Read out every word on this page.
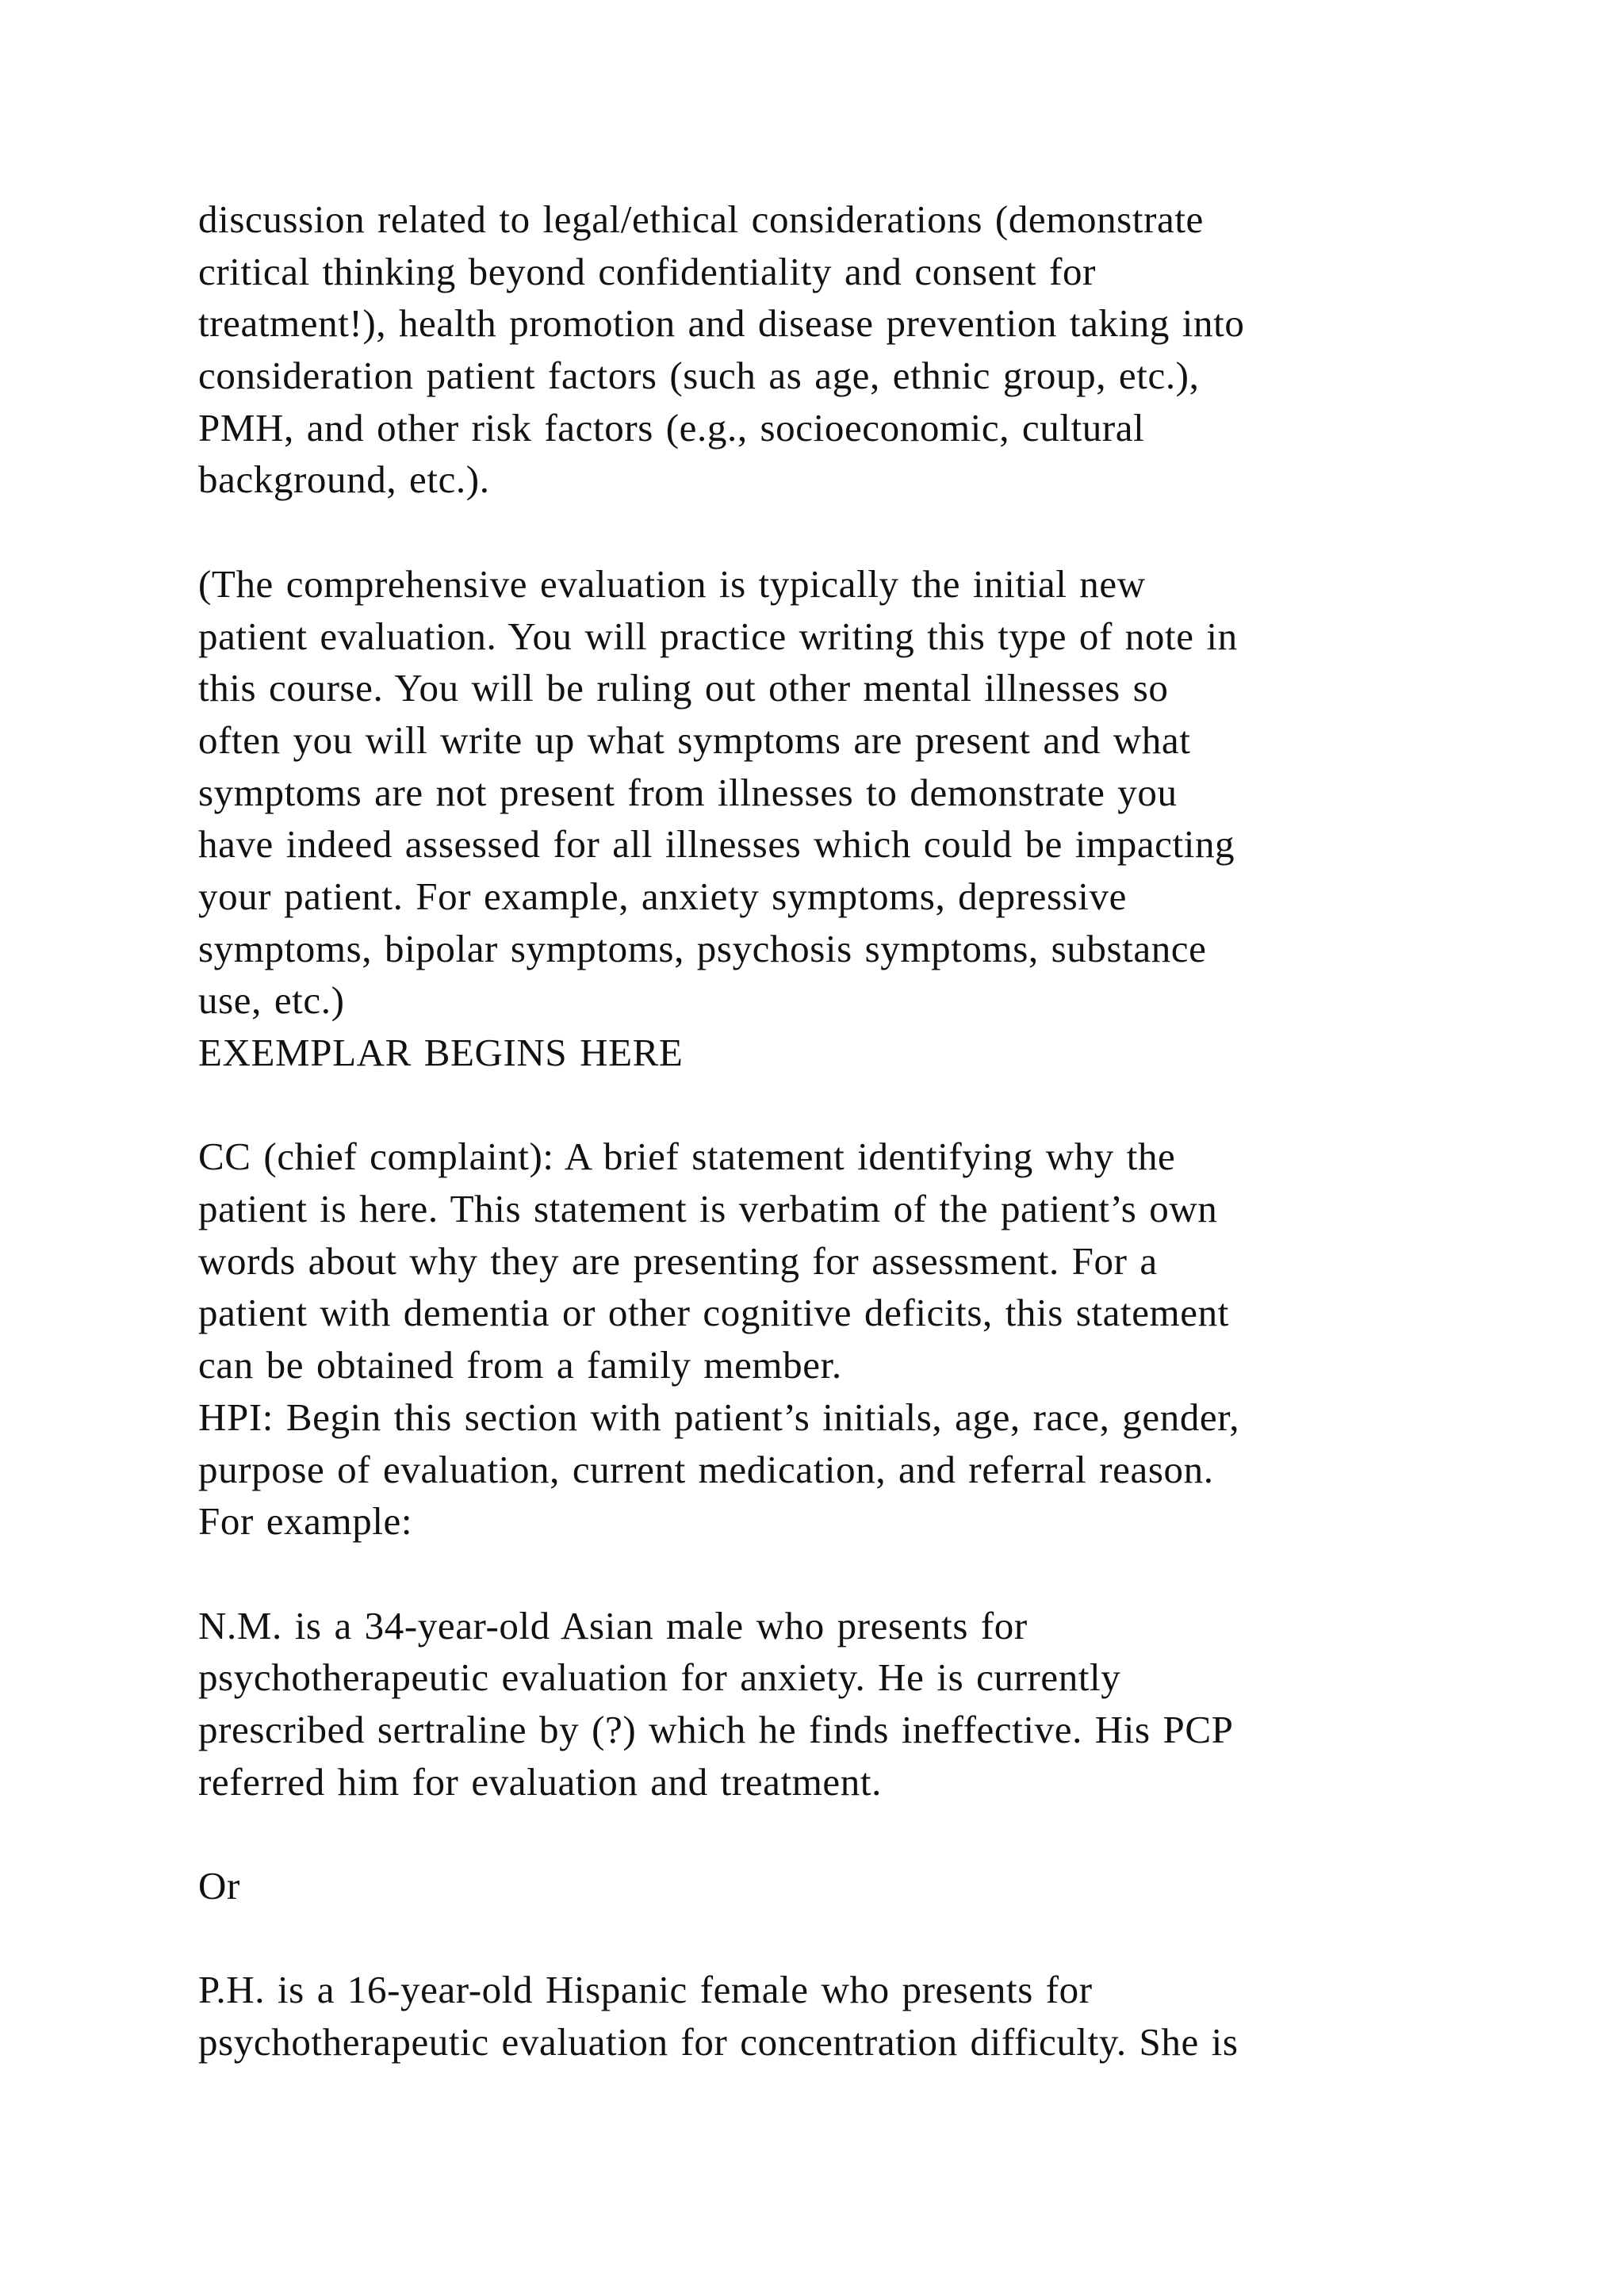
discussion related to legal/ethical considerations (demonstrate
critical thinking beyond confidentiality and consent for
treatment!), health promotion and disease prevention taking into
consideration patient factors (such as age, ethnic group, etc.),
PMH, and other risk factors (e.g., socioeconomic, cultural
background, etc.).
(The comprehensive evaluation is typically the initial new
patient evaluation. You will practice writing this type of note in
this course. You will be ruling out other mental illnesses so
often you will write up what symptoms are present and what
symptoms are not present from illnesses to demonstrate you
have indeed assessed for all illnesses which could be impacting
your patient. For example, anxiety symptoms, depressive
symptoms, bipolar symptoms, psychosis symptoms, substance
use, etc.)
EXEMPLAR BEGINS HERE
CC (chief complaint): A brief statement identifying why the
patient is here. This statement is verbatim of the patient’s own
words about why they are presenting for assessment. For a
patient with dementia or other cognitive deficits, this statement
can be obtained from a family member.
HPI: Begin this section with patient’s initials, age, race, gender,
purpose of evaluation, current medication, and referral reason.
For example:
N.M. is a 34-year-old Asian male who presents for
psychotherapeutic evaluation for anxiety. He is currently
prescribed sertraline by (?) which he finds ineffective. His PCP
referred him for evaluation and treatment.
Or
P.H. is a 16-year-old Hispanic female who presents for
psychotherapeutic evaluation for concentration difficulty. She is
